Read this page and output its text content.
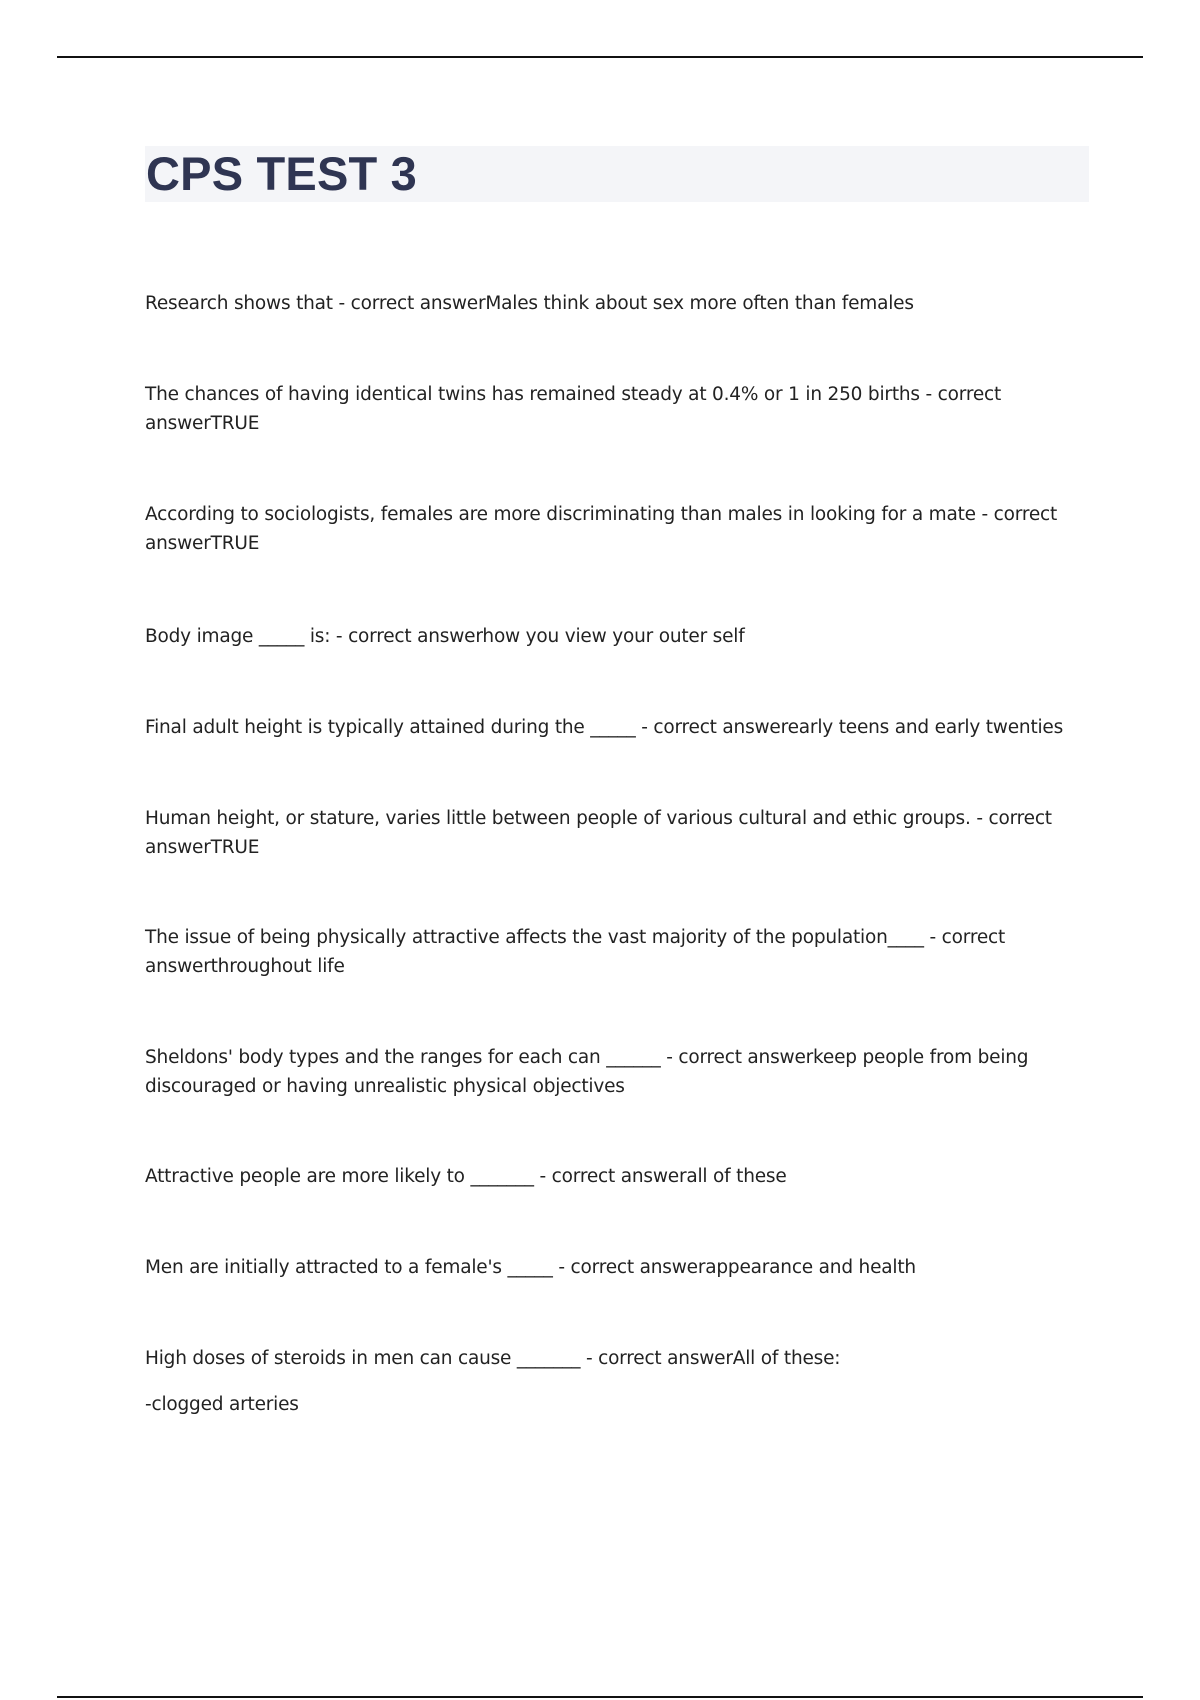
CPS TEST 3
Research shows that - correct answerMales think about sex more often than females
The chances of having identical twins has remained steady at 0.4% or 1 in 250 births - correct answerTRUE
According to sociologists, females are more discriminating than males in looking for a mate - correct answerTRUE
Body image _____ is: - correct answerhow you view your outer self
Final adult height is typically attained during the _____ - correct answerearly teens and early twenties
Human height, or stature, varies little between people of various cultural and ethic groups. - correct answerTRUE
The issue of being physically attractive affects the vast majority of the population____ - correct answerthroughout life
Sheldons' body types and the ranges for each can ______ - correct answerkeep people from being discouraged or having unrealistic physical objectives
Attractive people are more likely to _______ - correct answerall of these
Men are initially attracted to a female's _____ - correct answerappearance and health
High doses of steroids in men can cause _______ - correct answerAll of these:
-clogged arteries
